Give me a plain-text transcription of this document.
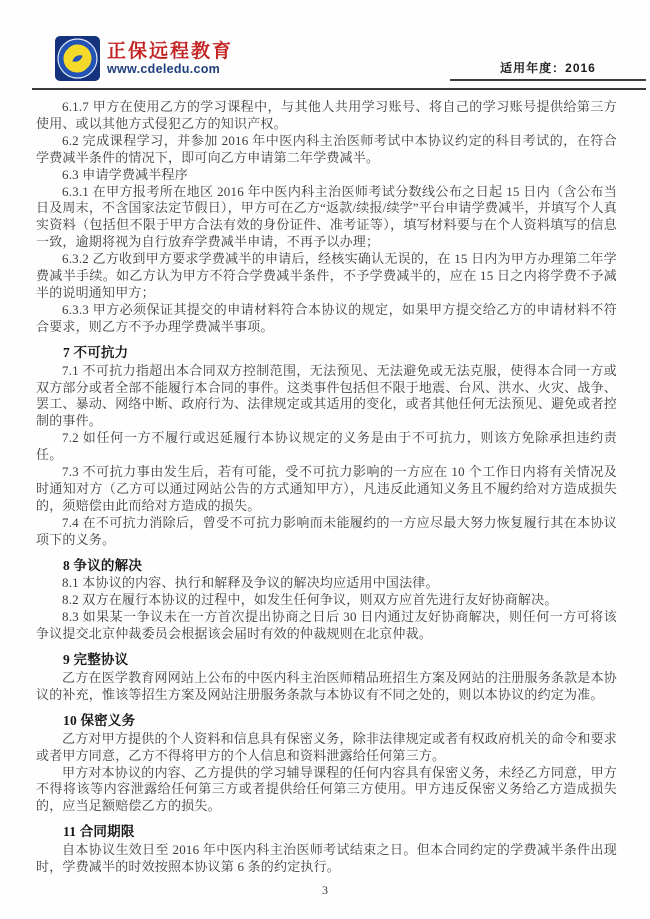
正保远程教育
www.cdeledu.com	适用年度：2016

6.1.7 甲方在使用乙方的学习课程中，与其他人共用学习账号、将自己的学习账号提供给第三方使用、或以其他方式侵犯乙方的知识产权。

6.2 完成课程学习，并参加 2016 年中医内科主治医师考试中本协议约定的科目考试的，在符合学费减半条件的情况下，即可向乙方申请第二年学费减半。

6.3 申请学费减半程序

6.3.1 在甲方报考所在地区 2016 年中医内科主治医师考试分数线公布之日起 15 日内（含公布当日及周末，不含国家法定节假日），甲方可在乙方“返款/续报/续学”平台申请学费减半，并填写个人真实资料（包括但不限于甲方合法有效的身份证件、准考证等），填写材料要与在个人资料填写的信息一致，逾期将视为自行放弃学费减半申请，不再予以办理；

6.3.2 乙方收到甲方要求学费减半的申请后，经核实确认无误的，在 15 日内为甲方办理第二年学费减半手续。如乙方认为甲方不符合学费减半条件，不予学费减半的，应在 15 日之内将学费不予减半的说明通知甲方；

6.3.3 甲方必须保证其提交的申请材料符合本协议的规定，如果甲方提交给乙方的申请材料不符合要求，则乙方不予办理学费减半事项。

7 不可抗力

7.1 不可抗力指超出本合同双方控制范围，无法预见、无法避免或无法克服，使得本合同一方或双方部分或者全部不能履行本合同的事件。这类事件包括但不限于地震、台风、洪水、火灾、战争、罢工、暴动、网络中断、政府行为、法律规定或其适用的变化，或者其他任何无法预见、避免或者控制的事件。

7.2 如任何一方不履行或迟延履行本协议规定的义务是由于不可抗力，则该方免除承担违约责任。

7.3 不可抗力事由发生后，若有可能，受不可抗力影响的一方应在 10 个工作日内将有关情况及时通知对方（乙方可以通过网站公告的方式通知甲方），凡违反此通知义务且不履约给对方造成损失的，须赔偿由此而给对方造成的损失。

7.4 在不可抗力消除后，曾受不可抗力影响而未能履约的一方应尽最大努力恢复履行其在本协议项下的义务。

8 争议的解决

8.1 本协议的内容、执行和解释及争议的解决均应适用中国法律。

8.2 双方在履行本协议的过程中，如发生任何争议，则双方应首先进行友好协商解决。

8.3 如果某一争议未在一方首次提出协商之日后 30 日内通过友好协商解决，则任何一方可将该争议提交北京仲裁委员会根据该会届时有效的仲裁规则在北京仲裁。

9 完整协议

乙方在医学教育网网站上公布的中医内科主治医师精品班招生方案及网站的注册服务条款是本协议的补充，惟该等招生方案及网站注册服务条款与本协议有不同之处的，则以本协议的约定为准。

10 保密义务

乙方对甲方提供的个人资料和信息具有保密义务，除非法律规定或者有权政府机关的命令和要求或者甲方同意，乙方不得将甲方的个人信息和资料泄露给任何第三方。

甲方对本协议的内容、乙方提供的学习辅导课程的任何内容具有保密义务，未经乙方同意，甲方不得将该等内容泄露给任何第三方或者提供给任何第三方使用。甲方违反保密义务给乙方造成损失的，应当足额赔偿乙方的损失。

11 合同期限

自本协议生效日至 2016 年中医内科主治医师考试结束之日。但本合同约定的学费减半条件出现时，学费减半的时效按照本协议第 6 条的约定执行。

3
